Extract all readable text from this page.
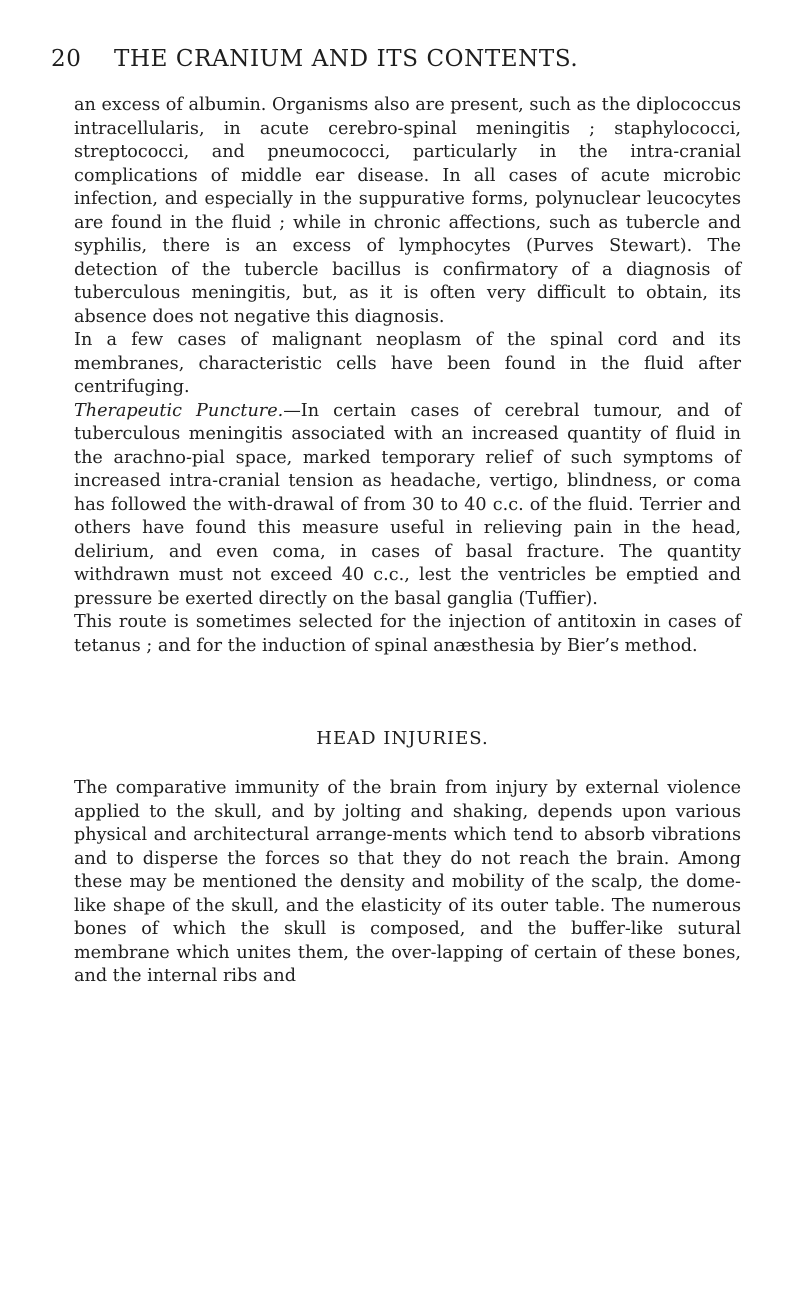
20 THE CRANIUM AND ITS CONTENTS.

an excess of albumin. Organisms also are present, such as the diplococcus intracellularis, in acute cerebro-spinal meningitis ; staphylococci, streptococci, and pneumococci, particularly in the intra-cranial complications of middle ear disease. In all cases of acute microbic infection, and especially in the suppurative forms, polynuclear leucocytes are found in the fluid ; while in chronic affections, such as tubercle and syphilis, there is an excess of lymphocytes (Purves Stewart). The detection of the tubercle bacillus is confirmatory of a diagnosis of tuberculous meningitis, but, as it is often very difficult to obtain, its absence does not negative this diagnosis.

In a few cases of malignant neoplasm of the spinal cord and its membranes, characteristic cells have been found in the fluid after centrifuging.

Therapeutic Puncture.—In certain cases of cerebral tumour, and of tuberculous meningitis associated with an increased quantity of fluid in the arachno-pial space, marked temporary relief of such symptoms of increased intra-cranial tension as headache, vertigo, blindness, or coma has followed the with-drawal of from 30 to 40 c.c. of the fluid. Terrier and others have found this measure useful in relieving pain in the head, delirium, and even coma, in cases of basal fracture. The quantity withdrawn must not exceed 40 c.c., lest the ventricles be emptied and pressure be exerted directly on the basal ganglia (Tuffier).

This route is sometimes selected for the injection of antitoxin in cases of tetanus ; and for the induction of spinal anæsthesia by Bier’s method.

HEAD INJURIES.

The comparative immunity of the brain from injury by external violence applied to the skull, and by jolting and shaking, depends upon various physical and architectural arrange-ments which tend to absorb vibrations and to disperse the forces so that they do not reach the brain. Among these may be mentioned the density and mobility of the scalp, the dome-like shape of the skull, and the elasticity of its outer table. The numerous bones of which the skull is composed, and the buffer-like sutural membrane which unites them, the over-lapping of certain of these bones, and the internal ribs and
